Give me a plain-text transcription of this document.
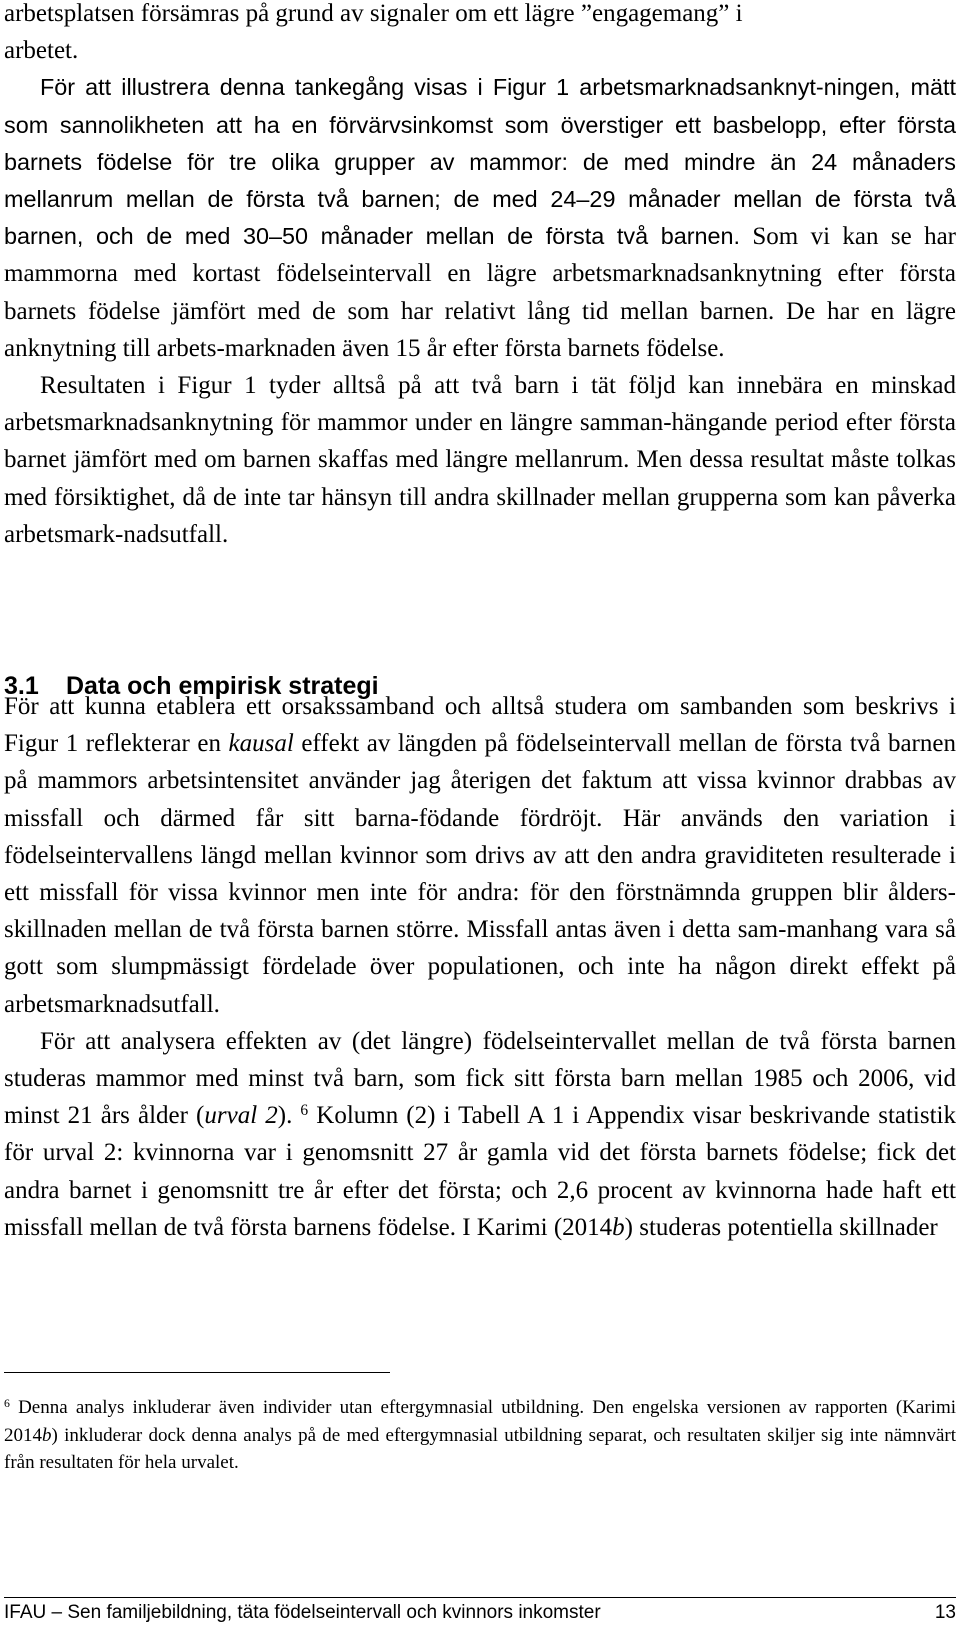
arbetsplatsen försämras på grund av signaler om ett lägre ”engagemang” i
arbetet.

För att illustrera denna tankegång visas i Figur 1 arbetsmarknadsanknyt-ningen, mätt som sannolikheten att ha en förvärvsinkomst som överstiger ett basbelopp, efter första barnets födelse för tre olika grupper av mammor: de med mindre än 24 månaders mellanrum mellan de första två barnen; de med 24–29 månader mellan de första två barnen, och de med 30–50 månader mellan de första två barnen. Som vi kan se har mammorna med kortast födelseintervall en lägre arbetsmarknadsanknytning efter första barnets födelse jämfört med de som har relativt lång tid mellan barnen. De har en lägre anknytning till arbets-marknaden även 15 år efter första barnets födelse.

Resultaten i Figur 1 tyder alltså på att två barn i tät följd kan innebära en minskad arbetsmarknadsanknytning för mammor under en längre samman-hängande period efter första barnet jämfört med om barnen skaffas med längre mellanrum. Men dessa resultat måste tolkas med försiktighet, då de inte tar hänsyn till andra skillnader mellan grupperna som kan påverka arbetsmark-nadsutfall.

3.1 Data och empirisk strategi

För att kunna etablera ett orsakssamband och alltså studera om sambanden som beskrivs i Figur 1 reflekterar en kausal effekt av längden på födelseintervall mellan de första två barnen på mammors arbetsintensitet använder jag återigen det faktum att vissa kvinnor drabbas av missfall och därmed får sitt barna-födande fördröjt. Här används den variation i födelseintervallens längd mellan kvinnor som drivs av att den andra graviditeten resulterade i ett missfall för vissa kvinnor men inte för andra: för den förstnämnda gruppen blir ålders-skillnaden mellan de två första barnen större. Missfall antas även i detta sam-manhang vara så gott som slumpmässigt fördelade över populationen, och inte ha någon direkt effekt på arbetsmarknadsutfall.

För att analysera effekten av (det längre) födelseintervallet mellan de två första barnen studeras mammor med minst två barn, som fick sitt första barn mellan 1985 och 2006, vid minst 21 års ålder (urval 2). $^6$ Kolumn (2) i Tabell A 1 i Appendix visar beskrivande statistik för urval 2: kvinnorna var i genomsnitt 27 år gamla vid det första barnets födelse; fick det andra barnet i genomsnitt tre år efter det första; och 2,6 procent av kvinnorna hade haft ett missfall mellan de två första barnens födelse. I Karimi (2014b) studeras potentiella skillnader

$^6$ Denna analys inkluderar även individer utan eftergymnasial utbildning. Den engelska versionen av rapporten (Karimi 2014b) inkluderar dock denna analys på de med eftergymnasial utbildning separat, och resultaten skiljer sig inte nämnvärt från resultaten för hela urvalet.

IFAU – Sen familjebildning, täta födelseintervall och kvinnors inkomster	13
